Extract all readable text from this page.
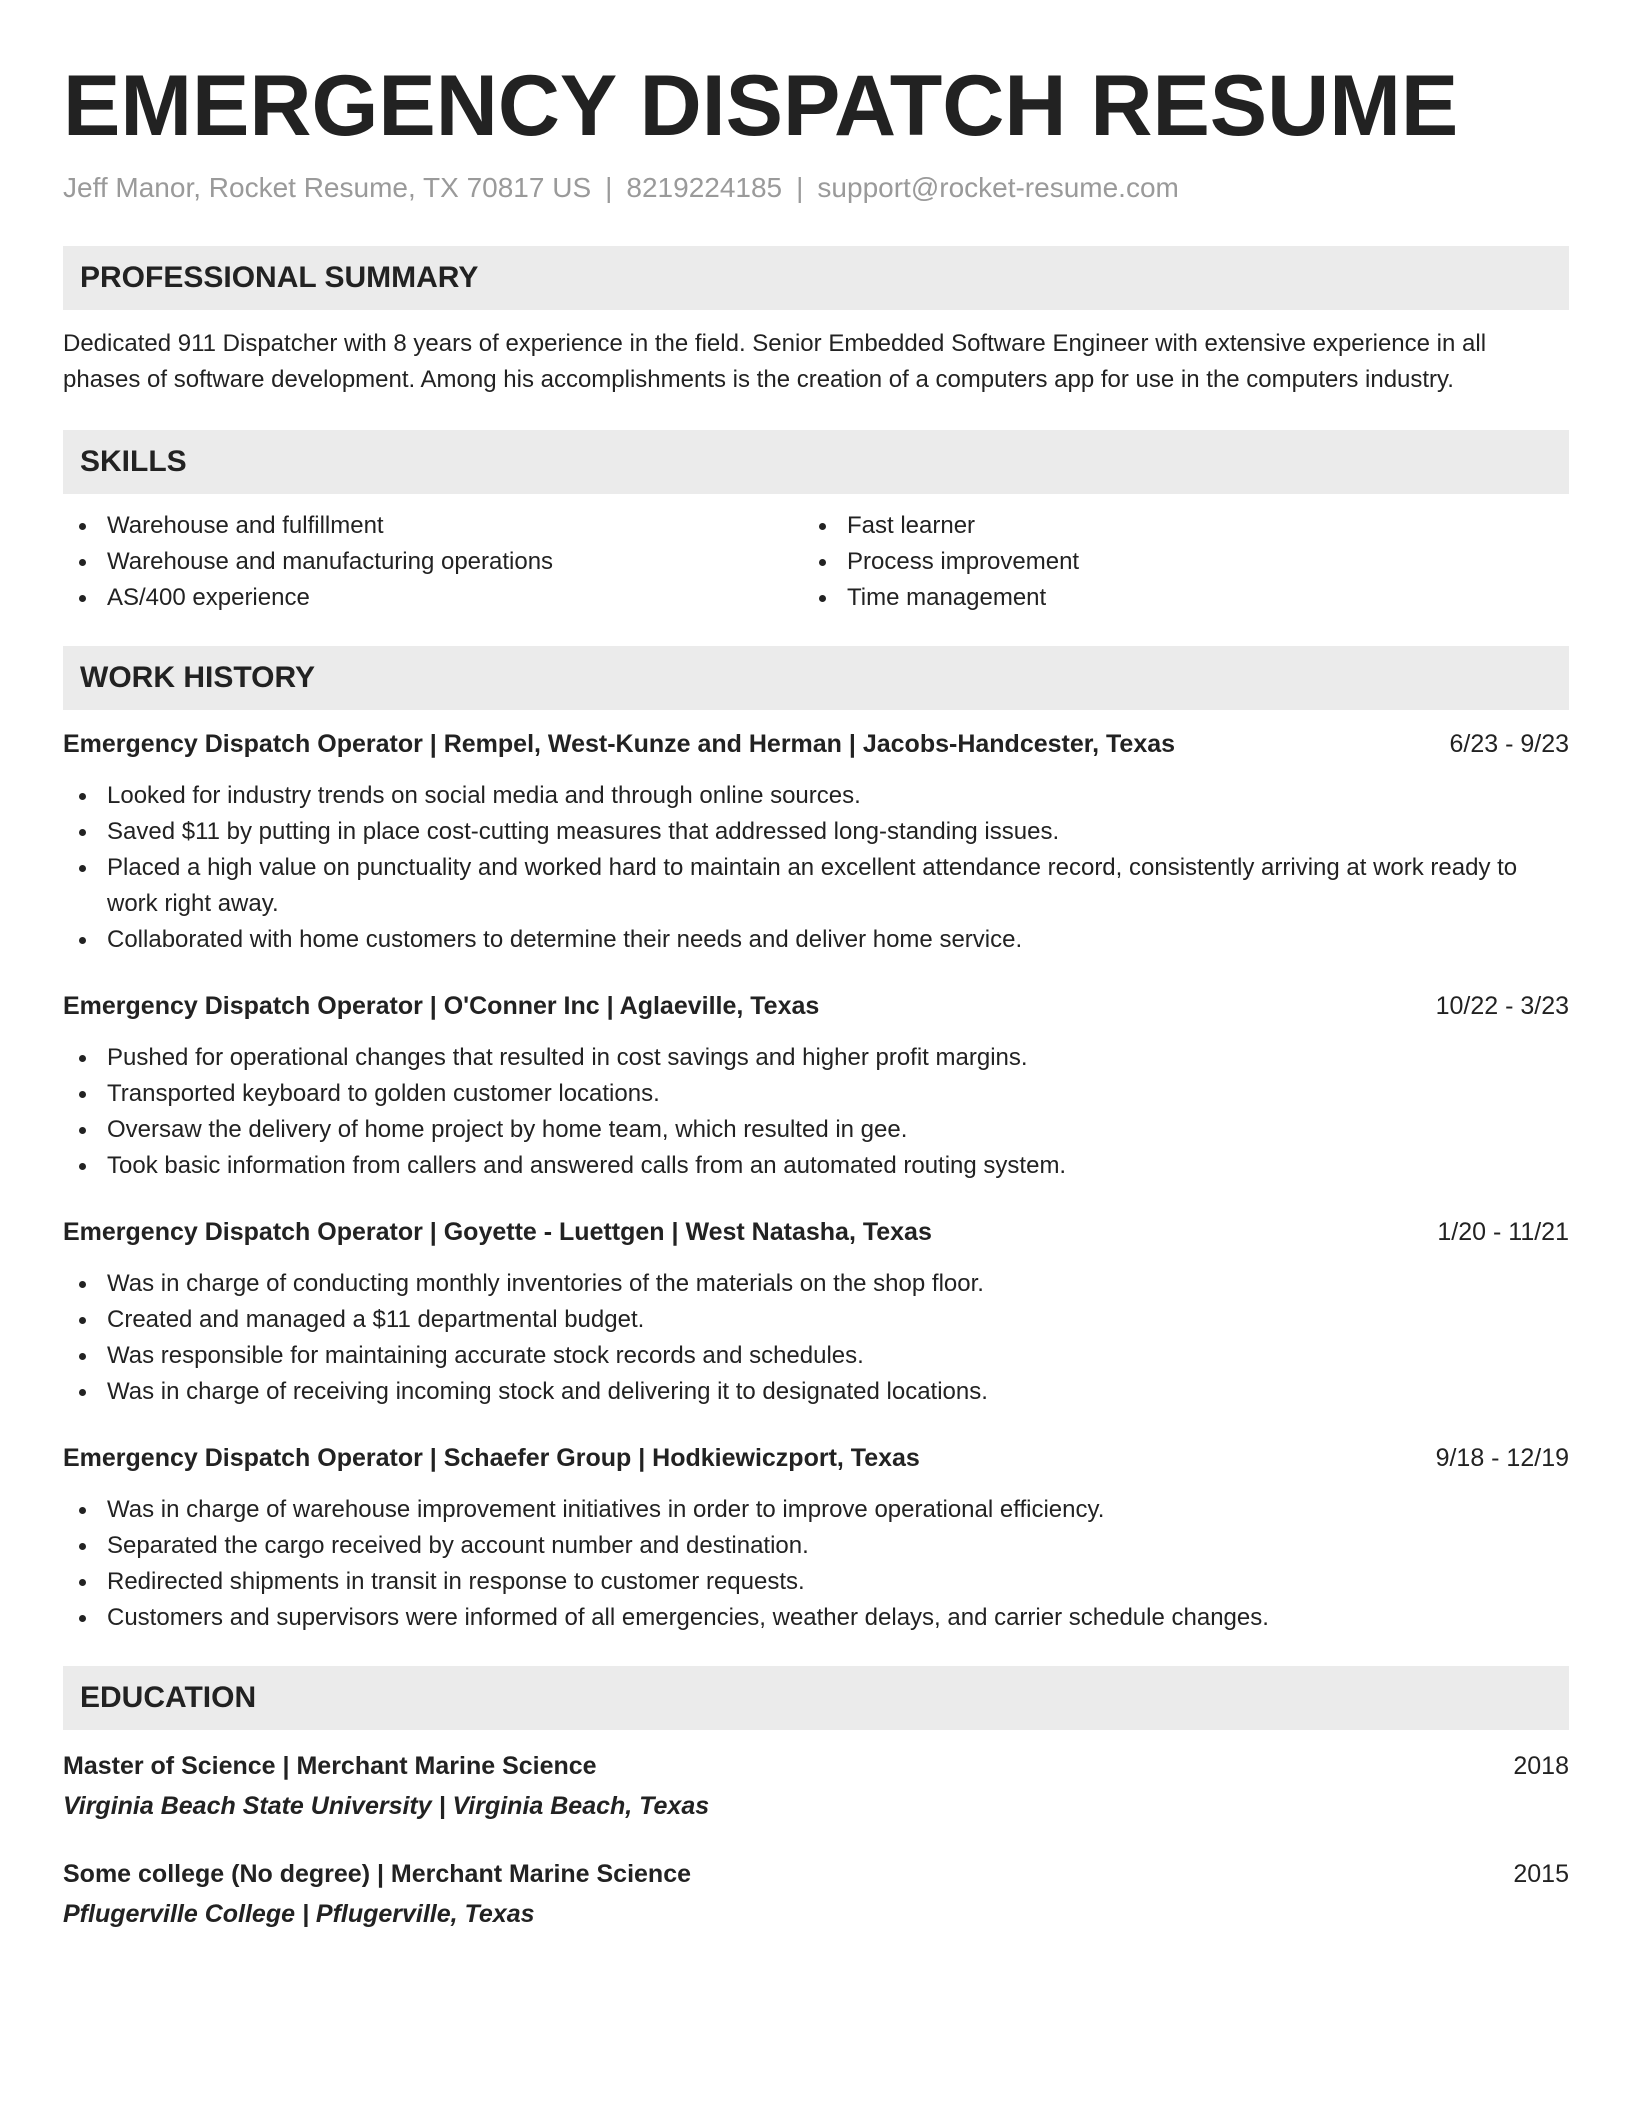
EMERGENCY DISPATCH RESUME
Jeff Manor, Rocket Resume, TX 70817 US | 8219224185 | support@rocket-resume.com
PROFESSIONAL SUMMARY

Dedicated 911 Dispatcher with 8 years of experience in the field. Senior Embedded Software Engineer with extensive experience in all phases of software development. Among his accomplishments is the creation of a computers app for use in the computers industry.

SKILLS
Warehouse and fulfillment
Warehouse and manufacturing operations
AS/400 experience
Fast learner
Process improvement
Time management
WORK HISTORY
Emergency Dispatch Operator | Rempel, West-Kunze and Herman | Jacobs-Handcester, Texas	6/23 - 9/23
Looked for industry trends on social media and through online sources.
Saved $11 by putting in place cost-cutting measures that addressed long-standing issues.
Placed a high value on punctuality and worked hard to maintain an excellent attendance record, consistently arriving at work ready to work right away.
Collaborated with home customers to determine their needs and deliver home service.
Emergency Dispatch Operator | O'Conner Inc | Aglaeville, Texas	10/22 - 3/23
Pushed for operational changes that resulted in cost savings and higher profit margins.
Transported keyboard to golden customer locations.
Oversaw the delivery of home project by home team, which resulted in gee.
Took basic information from callers and answered calls from an automated routing system.
Emergency Dispatch Operator | Goyette - Luettgen | West Natasha, Texas	1/20 - 11/21
Was in charge of conducting monthly inventories of the materials on the shop floor.
Created and managed a $11 departmental budget.
Was responsible for maintaining accurate stock records and schedules.
Was in charge of receiving incoming stock and delivering it to designated locations.
Emergency Dispatch Operator | Schaefer Group | Hodkiewiczport, Texas	9/18 - 12/19
Was in charge of warehouse improvement initiatives in order to improve operational efficiency.
Separated the cargo received by account number and destination.
Redirected shipments in transit in response to customer requests.
Customers and supervisors were informed of all emergencies, weather delays, and carrier schedule changes.
EDUCATION
Master of Science | Merchant Marine Science	2018
Virginia Beach State University | Virginia Beach, Texas
Some college (No degree) | Merchant Marine Science	2015
Pflugerville College | Pflugerville, Texas
